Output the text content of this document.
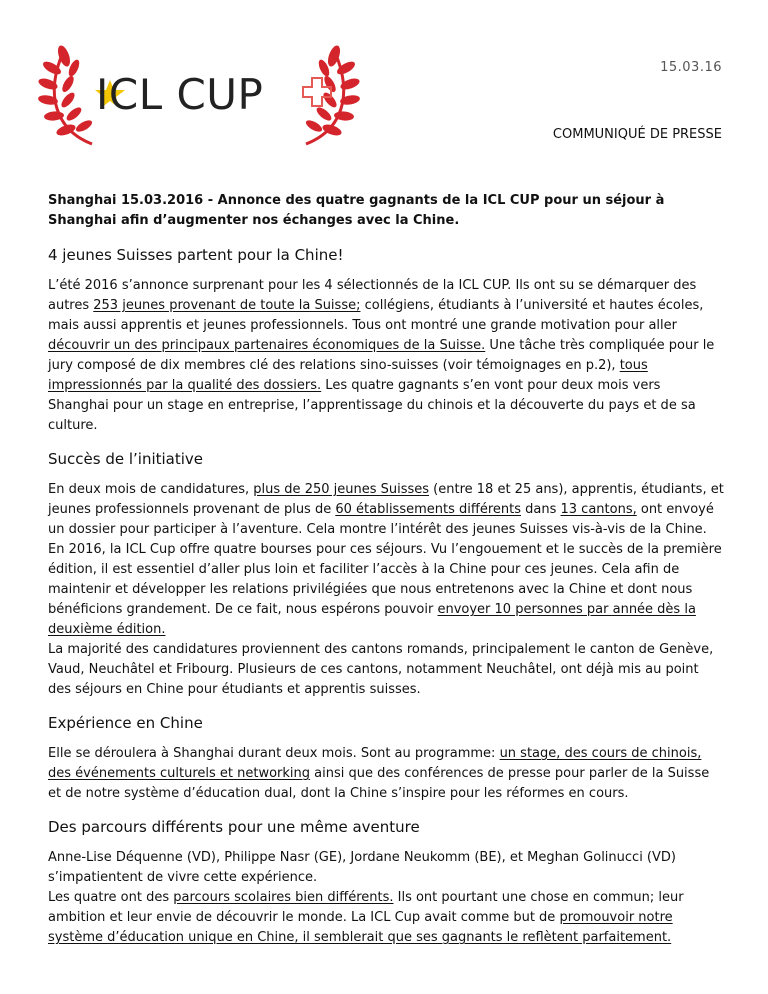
ICL CUP
15.03.16
COMMUNIQUÉ DE PRESSE

Shanghai 15.03.2016 - Annonce des quatre gagnants de la ICL CUP pour un séjour à Shanghai afin d’augmenter nos échanges avec la Chine.

4 jeunes Suisses partent pour la Chine!

L’été 2016 s’annonce surprenant pour les 4 sélectionnés de la ICL CUP. Ils ont su se démarquer des autres 253 jeunes provenant de toute la Suisse; collégiens, étudiants à l’université et hautes écoles, mais aussi apprentis et jeunes professionnels. Tous ont montré une grande motivation pour aller découvrir un des principaux partenaires économiques de la Suisse. Une tâche très compliquée pour le jury composé de dix membres clé des relations sino-suisses (voir témoignages en p.2), tous impressionnés par la qualité des dossiers. Les quatre gagnants s’en vont pour deux mois vers Shanghai pour un stage en entreprise, l’apprentissage du chinois et la découverte du pays et de sa culture.

Succès de l’initiative

En deux mois de candidatures, plus de 250 jeunes Suisses (entre 18 et 25 ans), apprentis, étudiants, et jeunes professionnels provenant de plus de 60 établissements différents dans 13 cantons, ont envoyé un dossier pour participer à l’aventure. Cela montre l’intérêt des jeunes Suisses vis-à-vis de la Chine. En 2016, la ICL Cup offre quatre bourses pour ces séjours. Vu l’engouement et le succès de la première édition, il est essentiel d’aller plus loin et faciliter l’accès à la Chine pour ces jeunes. Cela afin de maintenir et développer les relations privilégiées que nous entretenons avec la Chine et dont nous bénéficions grandement. De ce fait, nous espérons pouvoir envoyer 10 personnes par année dès la deuxième édition.

La majorité des candidatures proviennent des cantons romands, principalement le canton de Genève, Vaud, Neuchâtel et Fribourg. Plusieurs de ces cantons, notamment Neuchâtel, ont déjà mis au point des séjours en Chine pour étudiants et apprentis suisses.

Expérience en Chine

Elle se déroulera à Shanghai durant deux mois. Sont au programme: un stage, des cours de chinois, des événements culturels et networking ainsi que des conférences de presse pour parler de la Suisse et de notre système d’éducation dual, dont la Chine s’inspire pour les réformes en cours.

Des parcours différents pour une même aventure

Anne-Lise Déquenne (VD), Philippe Nasr (GE), Jordane Neukomm (BE), et Meghan Golinucci (VD) s’impatientent de vivre cette expérience.

Les quatre ont des parcours scolaires bien différents. Ils ont pourtant une chose en commun; leur ambition et leur envie de découvrir le monde. La ICL Cup avait comme but de promouvoir notre système d’éducation unique en Chine, il semblerait que ses gagnants le reflètent parfaitement.
